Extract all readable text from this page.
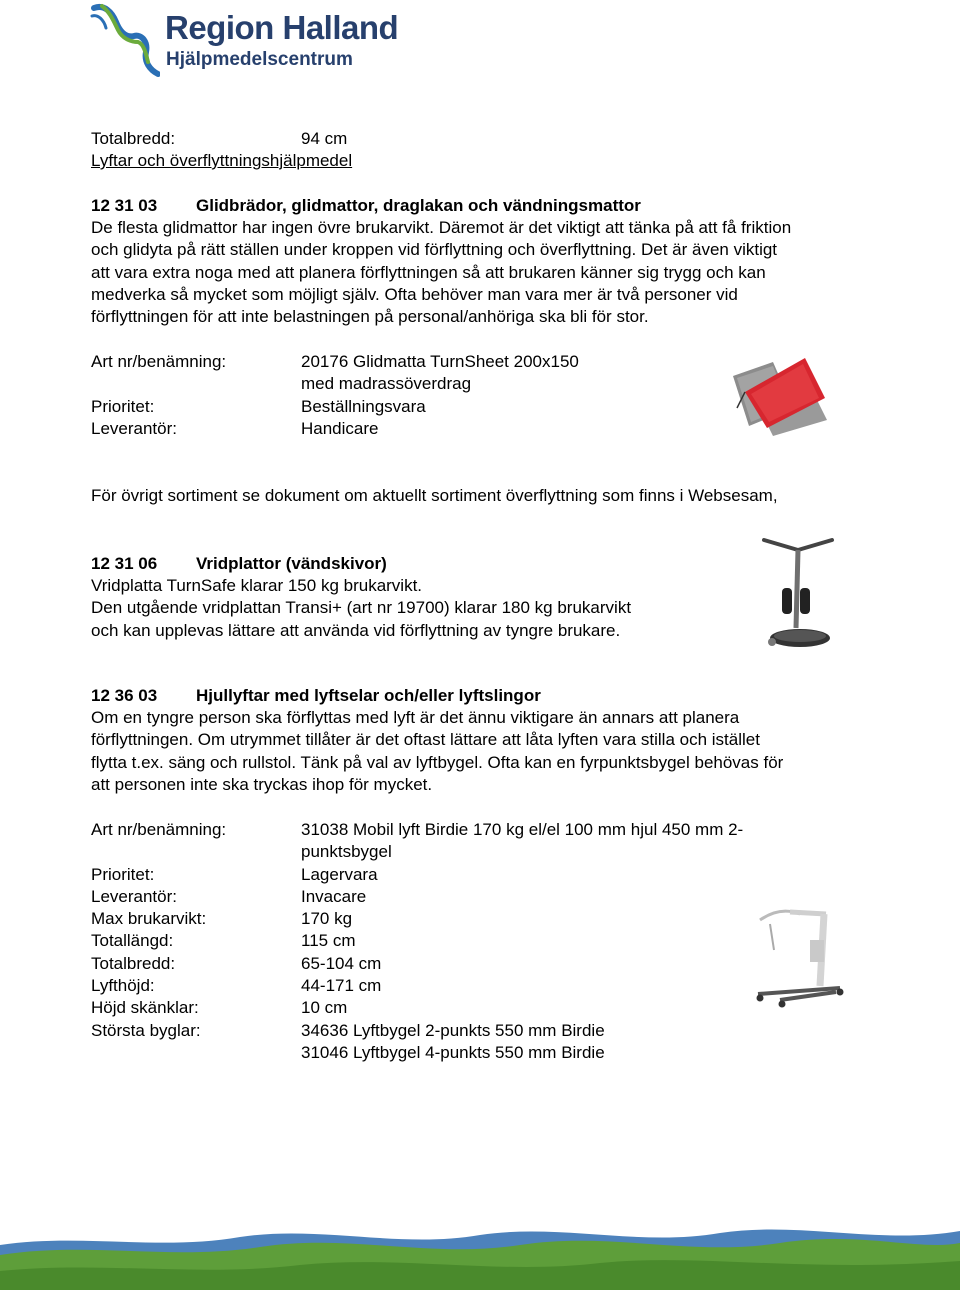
Region Halland
Hjälpmedelscentrum
Totalbredd:	94 cm
Lyftar och överflyttningshjälpmedel
12 31 03 Glidbrädor, glidmattor, draglakan och vändningsmattor

De flesta glidmattor har ingen övre brukarvikt. Däremot är det viktigt att tänka på att få friktion

och glidyta på rätt ställen under kroppen vid förflyttning och överflyttning. Det är även viktigt

att vara extra noga med att planera förflyttningen så att brukaren känner sig trygg och kan

medverka så mycket som möjligt själv. Ofta behöver man vara mer är två personer vid

förflyttningen för att inte belastningen på personal/anhöriga ska bli för stor.

Art nr/benämning:	20176 Glidmatta TurnSheet 200x150
med madrassöverdrag
Prioritet:	Beställningsvara
Leverantör:	Handicare
För övrigt sortiment se dokument om aktuellt sortiment överflyttning som finns i Websesam,
12 31 06 Vridplattor (vändskivor)

Vridplatta TurnSafe klarar 150 kg brukarvikt.

Den utgående vridplattan Transi+ (art nr 19700) klarar 180 kg brukarvikt

och kan upplevas lättare att använda vid förflyttning av tyngre brukare.

12 36 03 Hjullyftar med lyftselar och/eller lyftslingor

Om en tyngre person ska förflyttas med lyft är det ännu viktigare än annars att planera

förflyttningen. Om utrymmet tillåter är det oftast lättare att låta lyften vara stilla och istället

flytta t.ex. säng och rullstol. Tänk på val av lyftbygel. Ofta kan en fyrpunktsbygel behövas för

att personen inte ska tryckas ihop för mycket.

Art nr/benämning:	31038 Mobil lyft Birdie 170 kg el/el 100 mm hjul 450 mm 2-
punktsbygel
Prioritet:	Lagervara
Leverantör:	Invacare
Max brukarvikt:	170 kg
Totallängd:	115 cm
Totalbredd:	65-104 cm
Lyfthöjd:	44-171 cm
Höjd skänklar:	10 cm
Största byglar:	34636 Lyftbygel 2-punkts 550 mm Birdie
31046 Lyftbygel 4-punkts 550 mm Birdie
